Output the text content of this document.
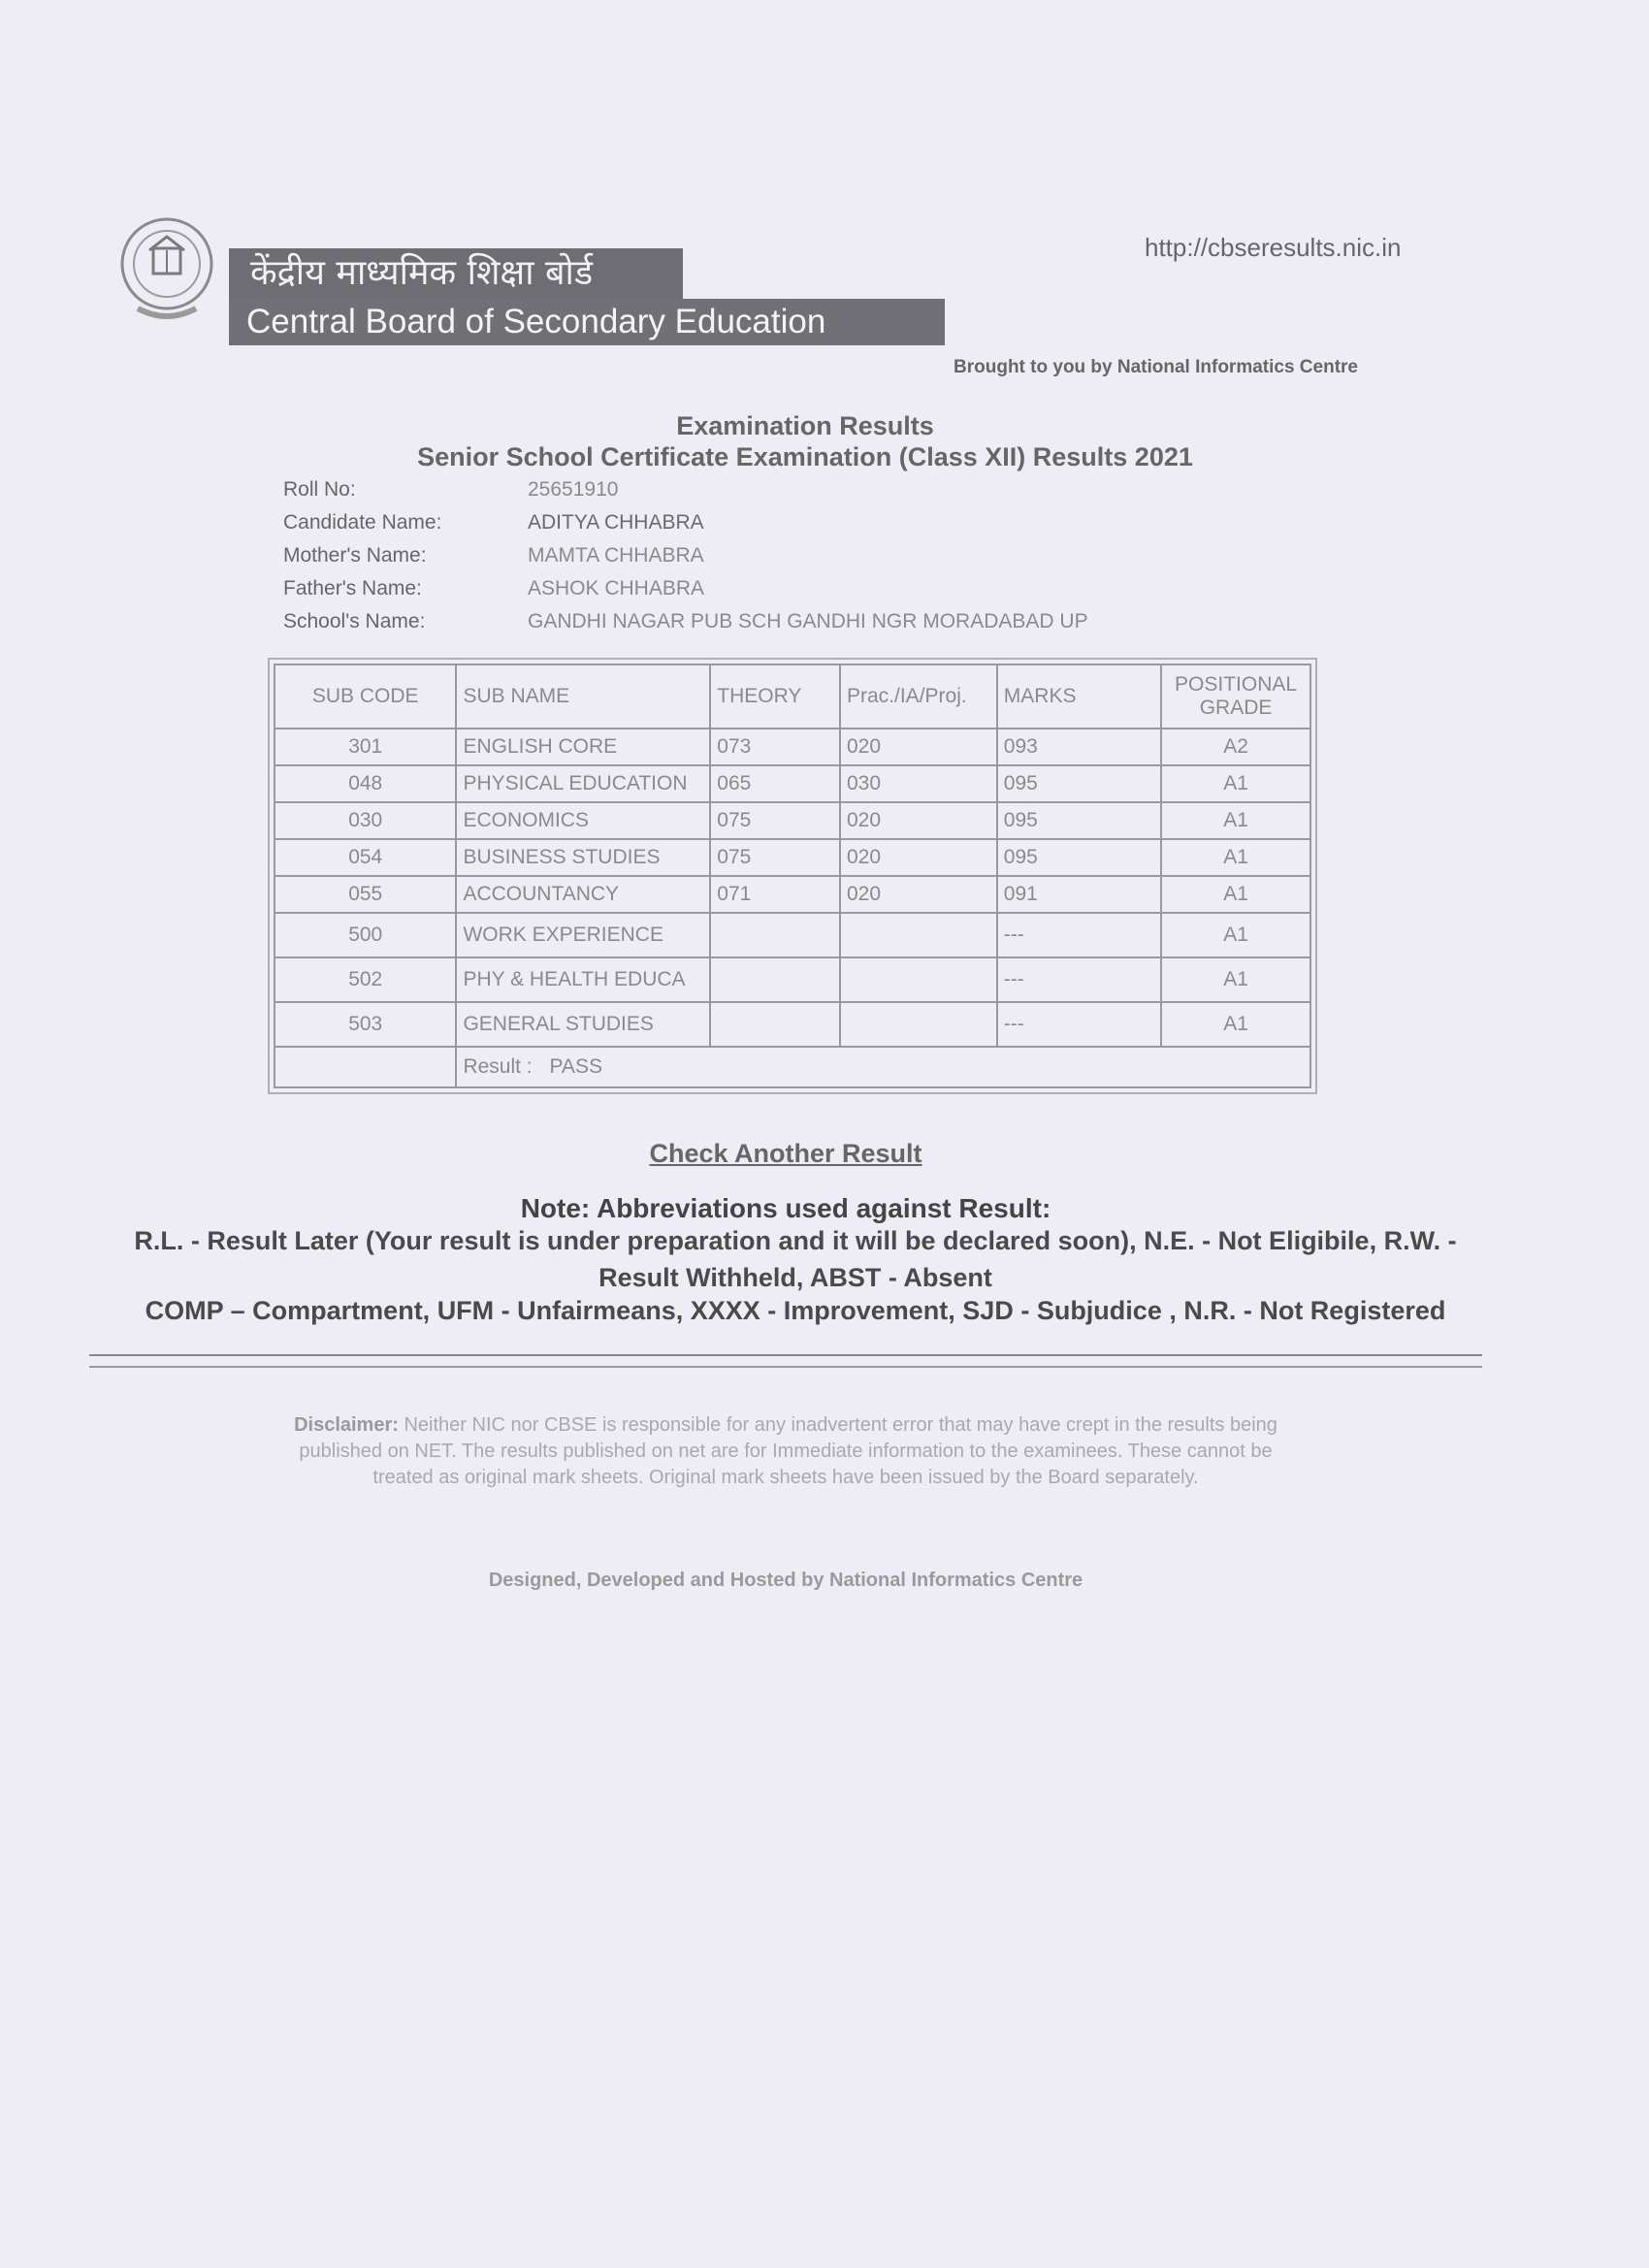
केंद्रीय माध्यमिक शिक्षा बोर्ड
Central Board of Secondary Education
http://cbseresults.nic.in
Brought to you by National Informatics Centre
Examination Results
Senior School Certificate Examination (Class XII) Results 2021
Roll No:	25651910
Candidate Name:	ADITYA CHHABRA
Mother's Name:	MAMTA CHHABRA
Father's Name:	ASHOK CHHABRA
School's Name:	GANDHI NAGAR PUB SCH GANDHI NGR MORADABAD UP
SUB CODE	SUB NAME	THEORY	Prac./IA/Proj.	MARKS	POSITIONAL
GRADE

301	ENGLISH CORE	073	020	093	A2
048	PHYSICAL EDUCATION	065	030	095	A1
030	ECONOMICS	075	020	095	A1
054	BUSINESS STUDIES	075	020	095	A1
055	ACCOUNTANCY	071	020	091	A1
500	WORK EXPERIENCE			---	A1
502	PHY & HEALTH EDUCA			---	A1
503	GENERAL STUDIES			---	A1
	Result : PASS				
Check Another Result
Note: Abbreviations used against Result:
R.L. - Result Later (Your result is under preparation and it will be declared soon), N.E. - Not Eligibile, R.W. -
Result Withheld, ABST - Absent
COMP – Compartment, UFM - Unfairmeans, XXXX - Improvement, SJD - Subjudice , N.R. - Not Registered
Disclaimer: Neither NIC nor CBSE is responsible for any inadvertent error that may have crept in the results being published on NET. The results published on net are for Immediate information to the examinees. These cannot be treated as original mark sheets. Original mark sheets have been issued by the Board separately.
Designed, Developed and Hosted by National Informatics Centre
